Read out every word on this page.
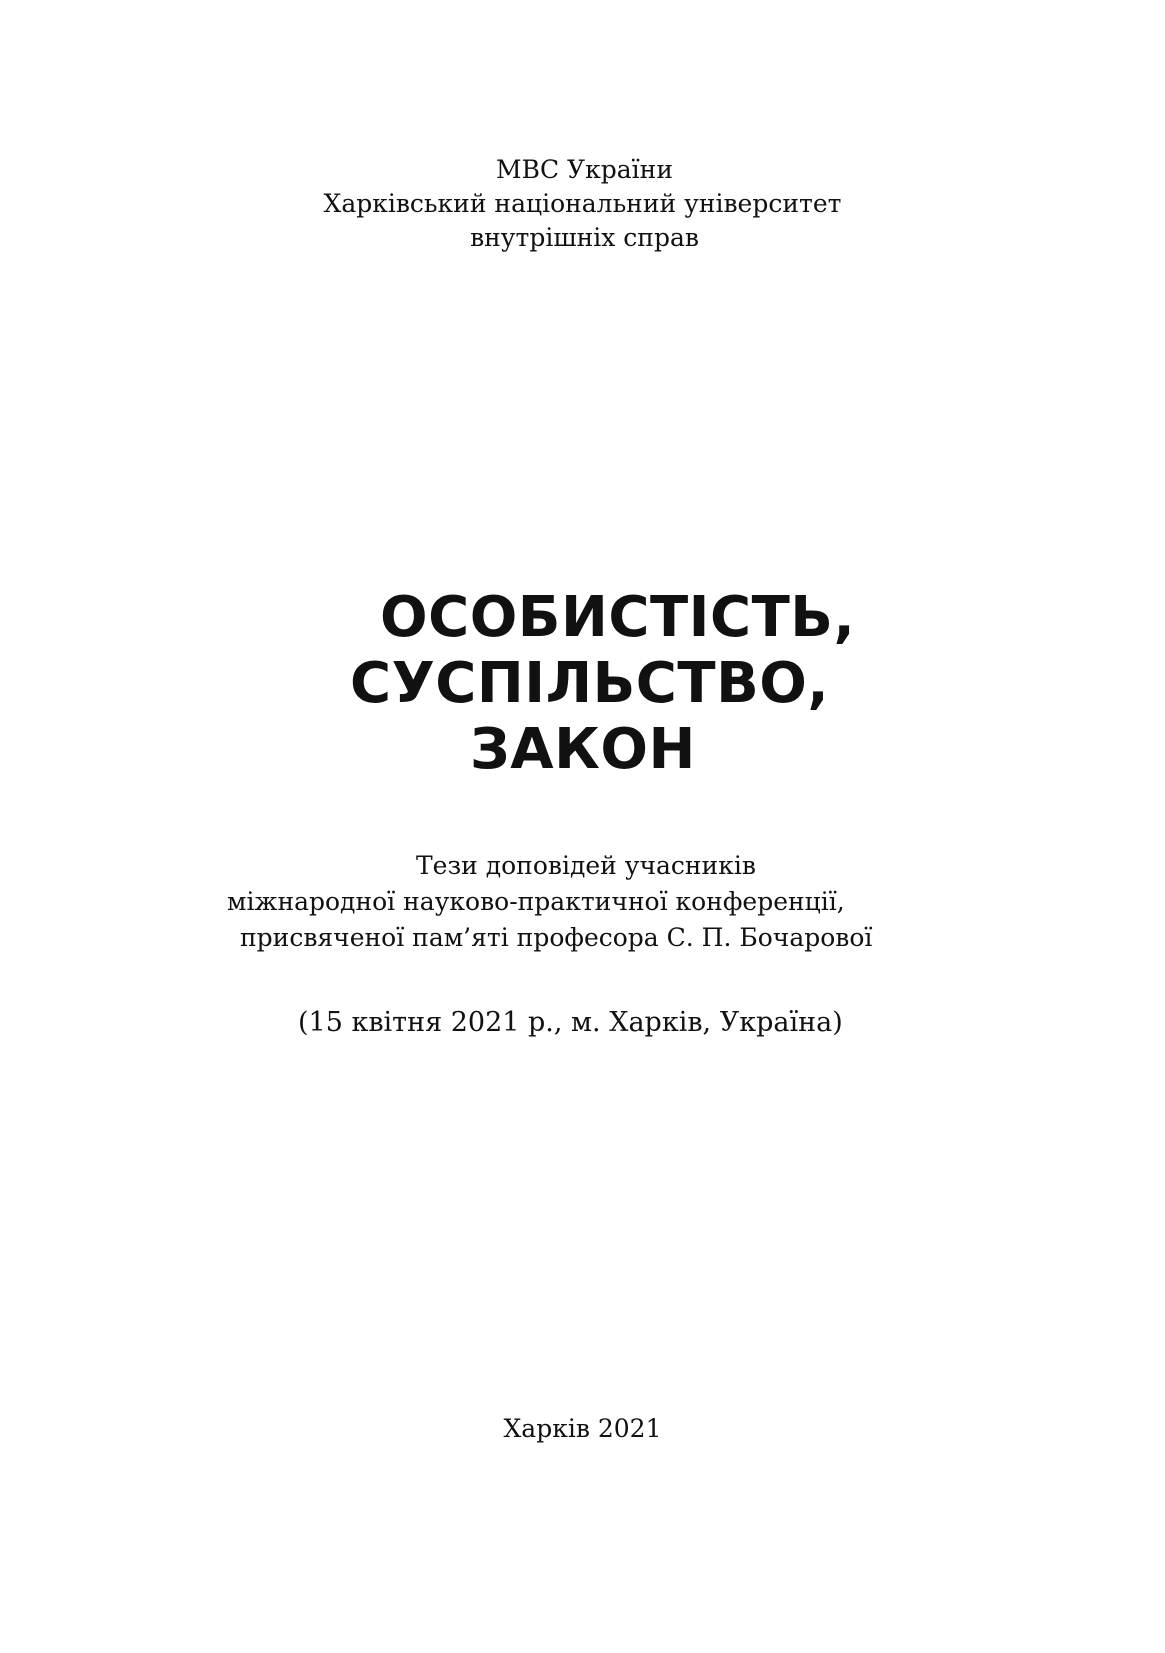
МВС України
Харківський національний університет
внутрішніх справ
ОСОБИСТІСТЬ,
СУСПІЛЬСТВО,
ЗАКОН
Тези доповідей учасників
міжнародної науково-практичної конференції,
присвяченої пам’яті професора С. П. Бочарової
(15 квітня 2021 р., м. Харків, Україна)
Харків 2021
